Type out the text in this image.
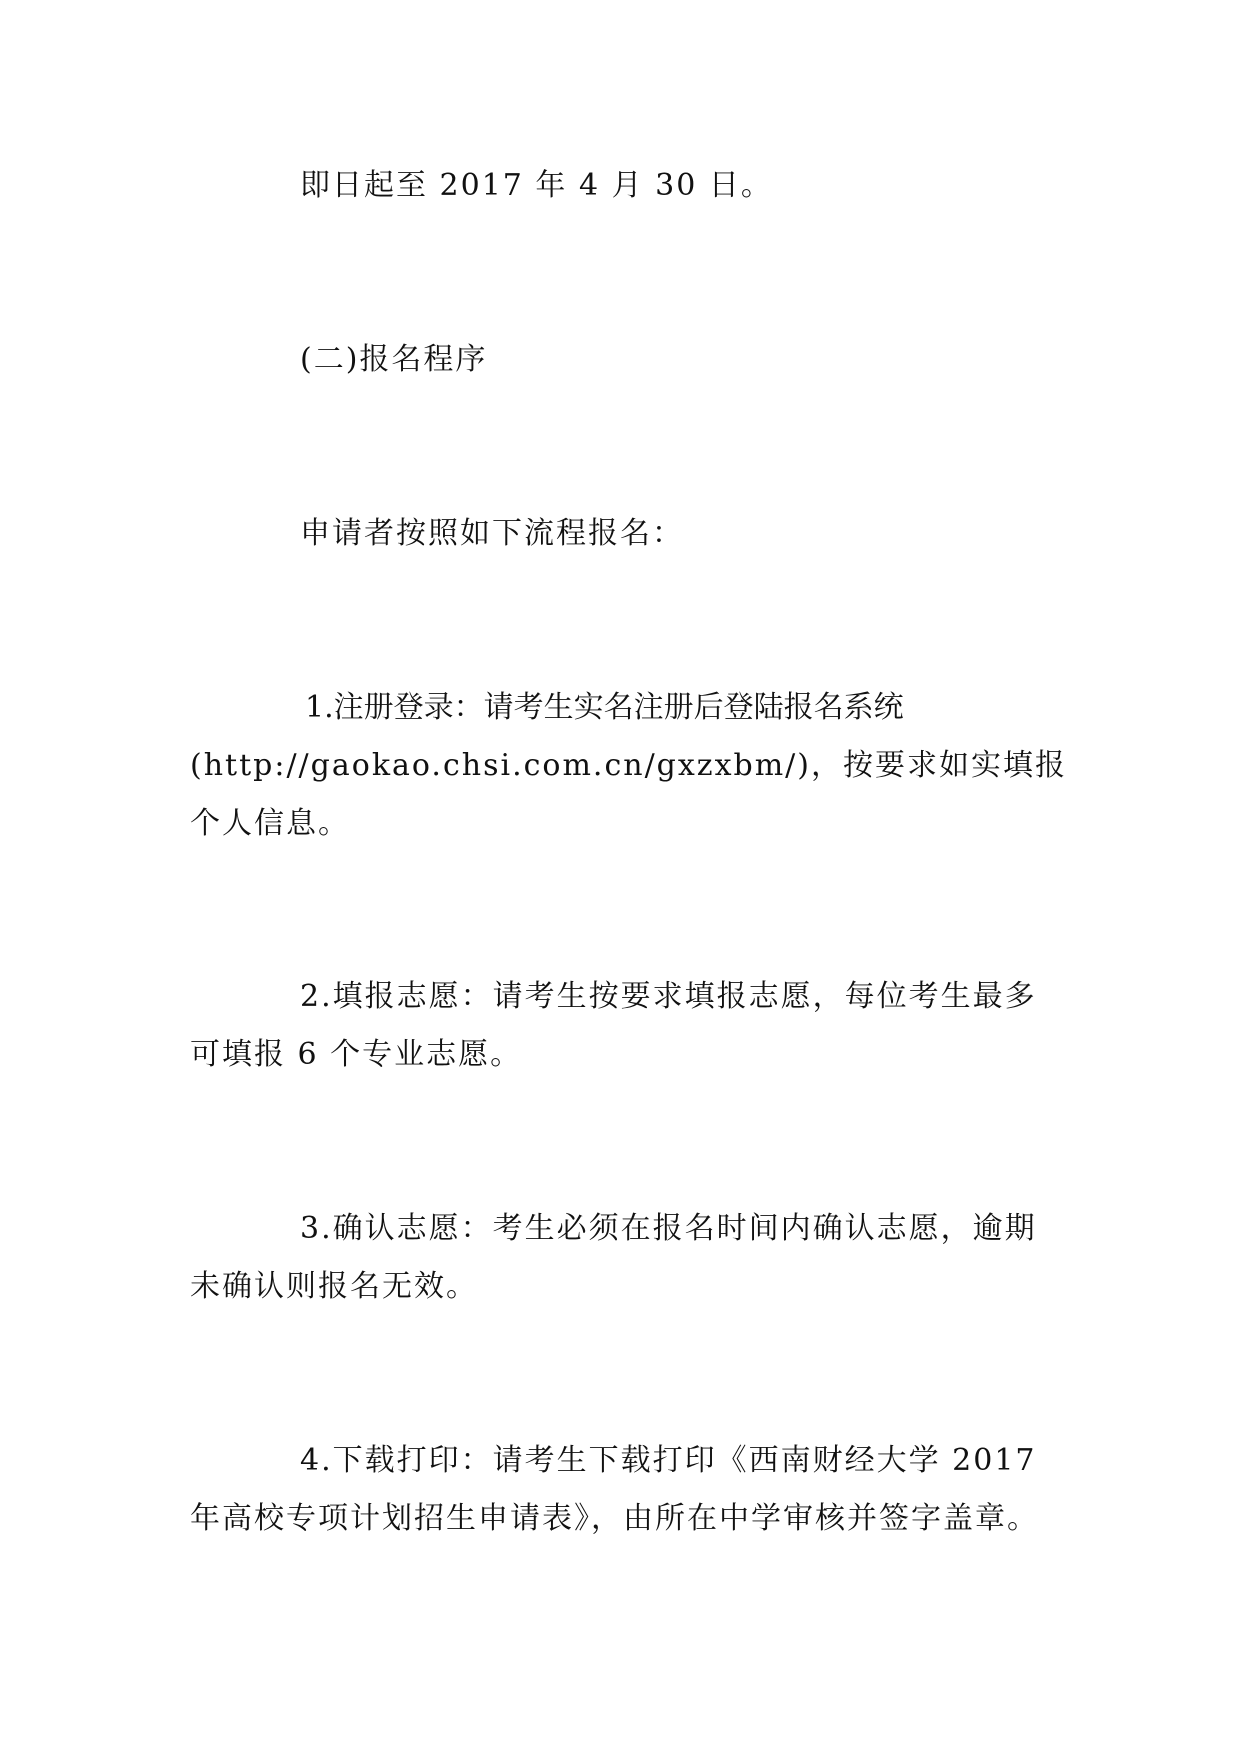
即日起至 2017 年 4 月 30 日。
(二)报名程序
申请者按照如下流程报名：
1.注册登录：请考生实名注册后登陆报名系统
(http://gaokao.chsi.com.cn/gxzxbm/)，按要求如实填报
个人信息。
2.填报志愿：请考生按要求填报志愿，每位考生最多
可填报 6 个专业志愿。
3.确认志愿：考生必须在报名时间内确认志愿，逾期
未确认则报名无效。
4.下载打印：请考生下载打印《西南财经大学 2017
年高校专项计划招生申请表》，由所在中学审核并签字盖章。
